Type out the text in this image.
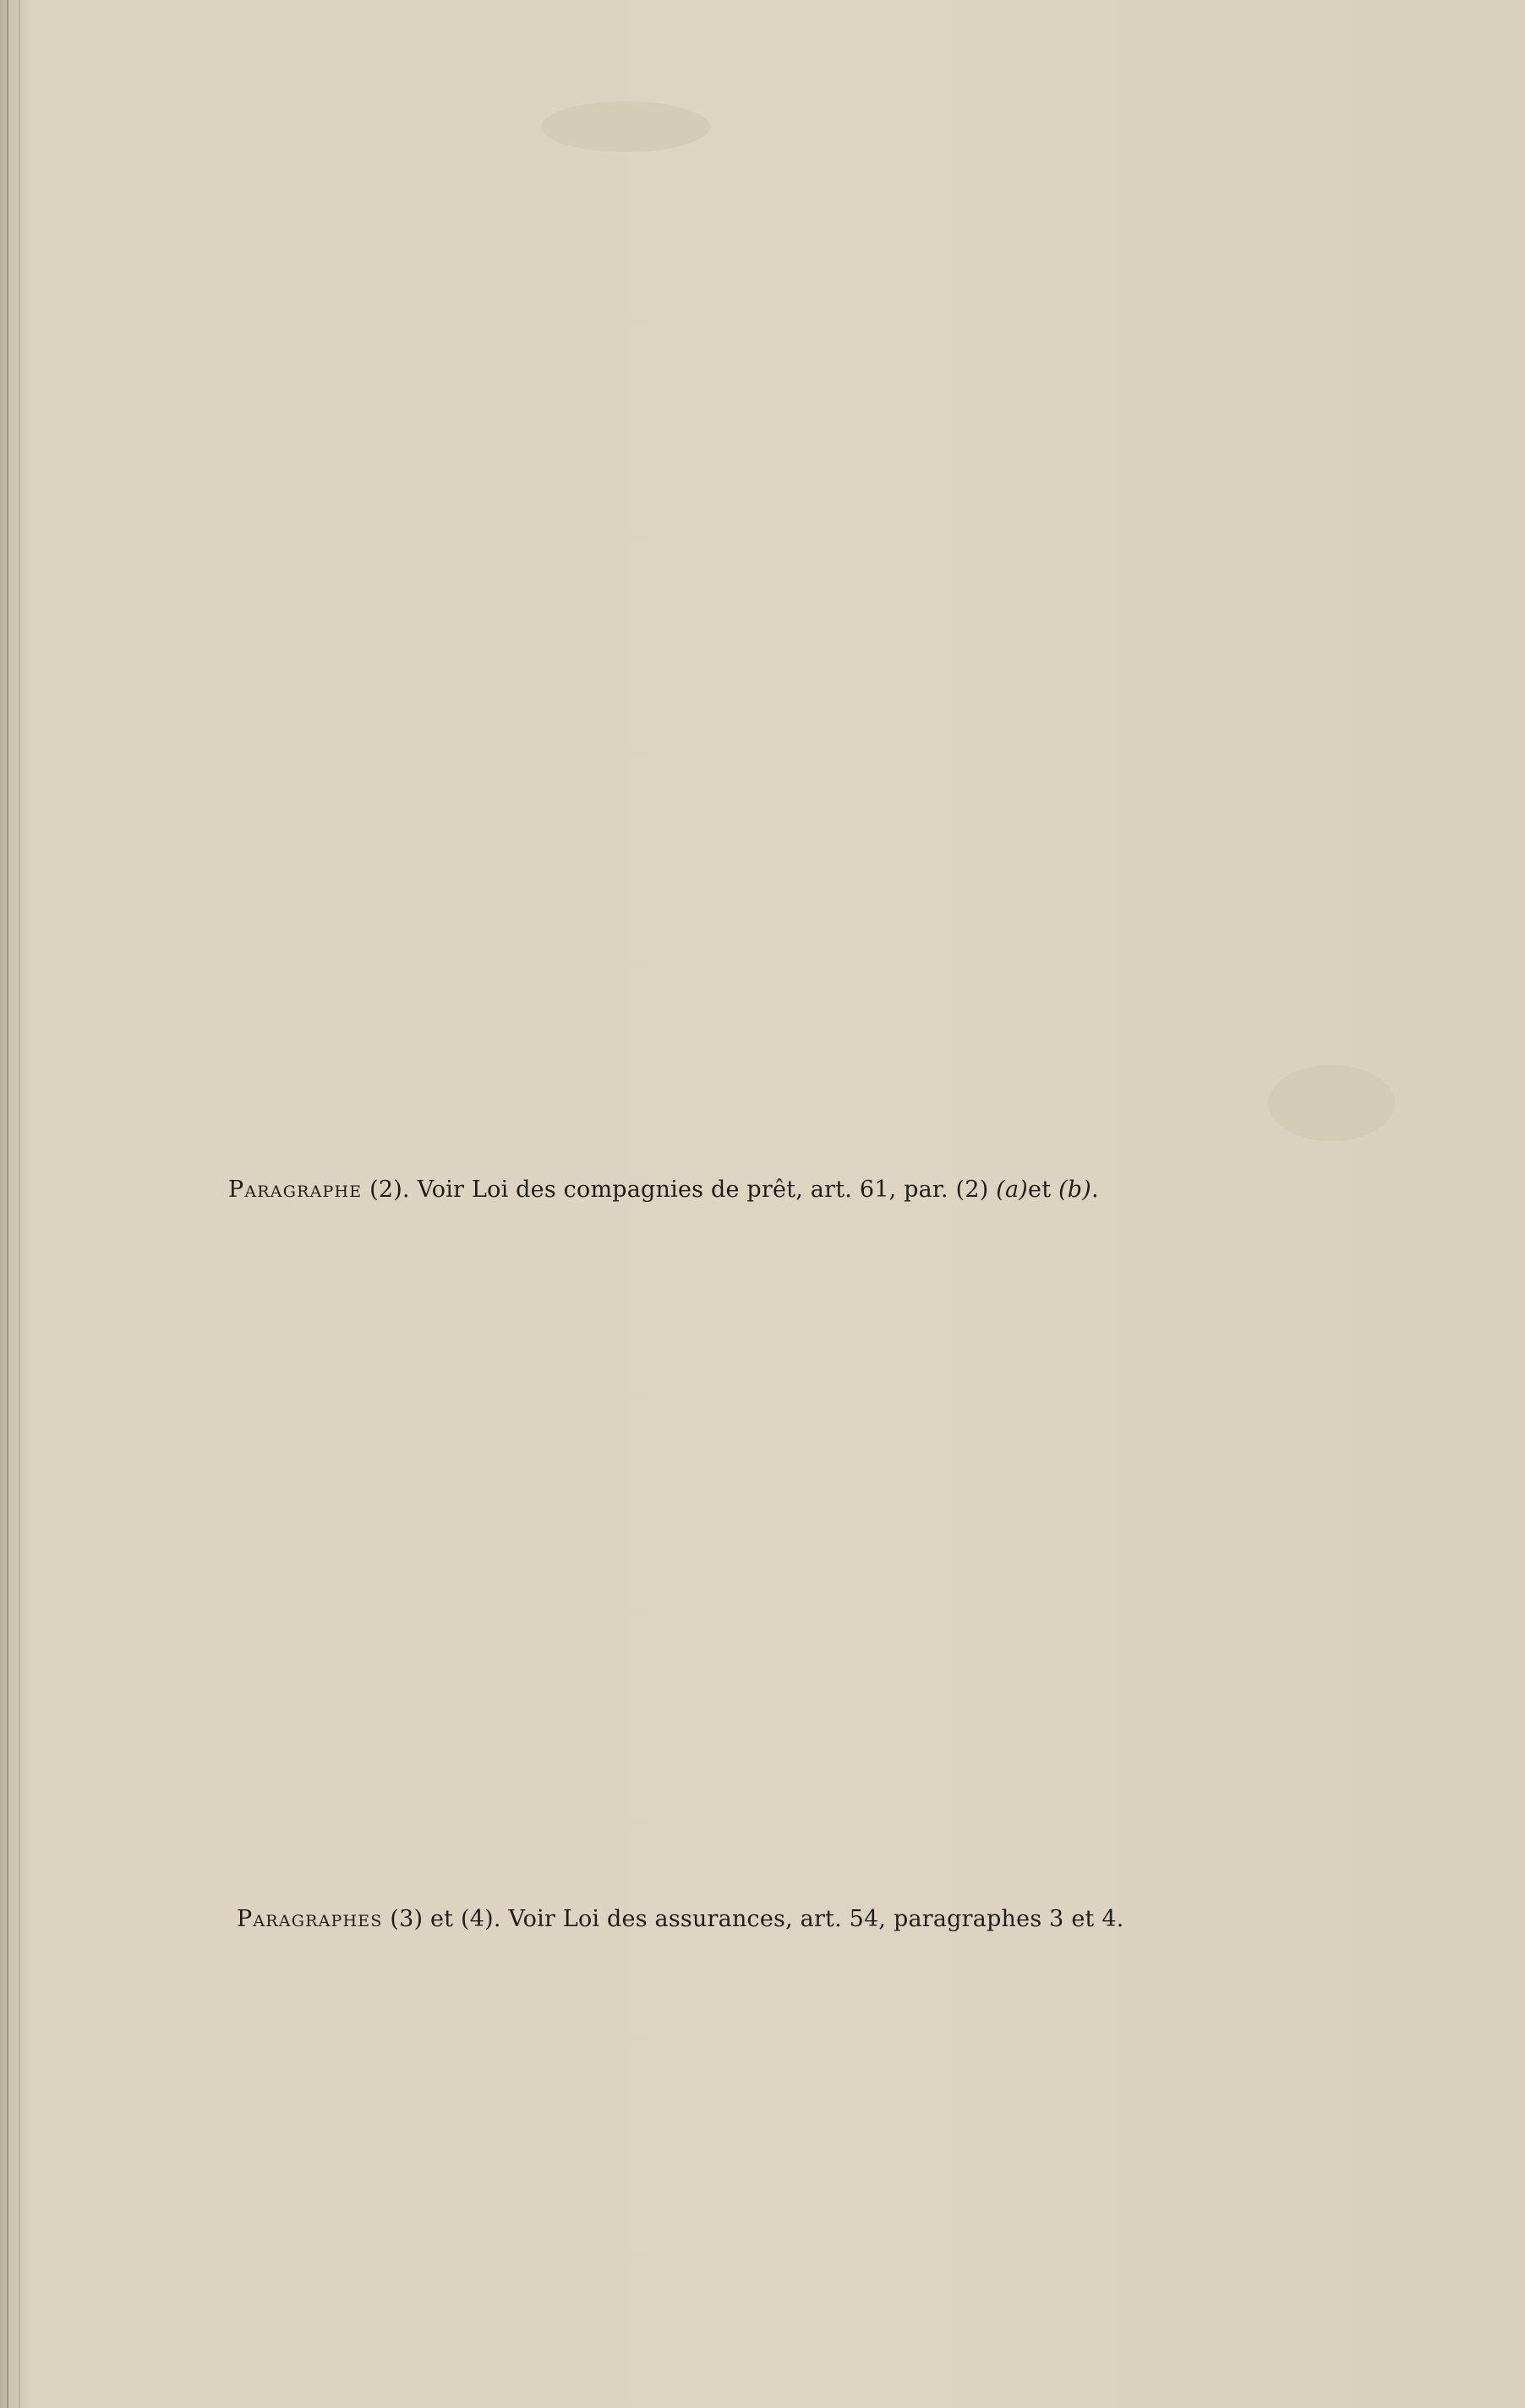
Paragraphe (2). Voir Loi des compagnies de prêt, art. 61, par. (2) (a)et (b).
Paragraphes (3) et (4). Voir Loi des assurances, art. 54, paragraphes 3 et 4.
